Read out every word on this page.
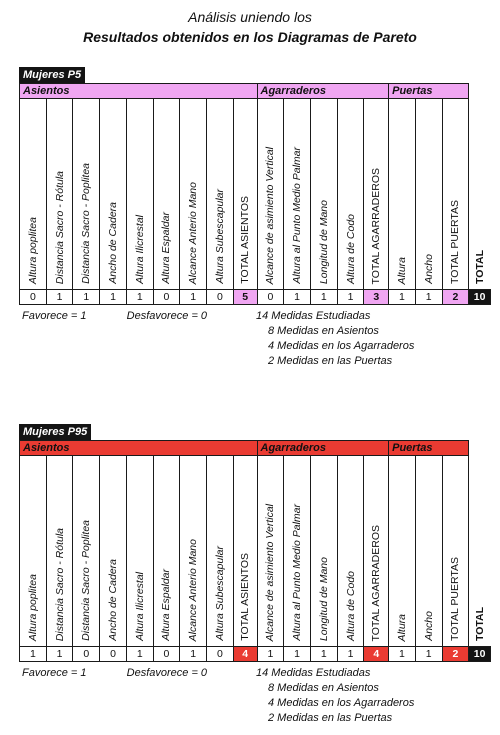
Análisis uniendo los
Resultados obtenidos en los Diagramas de Pareto
Mujeres P5
Asientos									Agarraderos					Puertas			
Altura poplitea	Distancia Sacro - Rótula	Distancia Sacro - Poplitea	Ancho de Cadera	Altura Ilicrestal	Altura Espaldar	Alcance Anterio Mano	Altura Subescapular	TOTAL ASIENTOS	Alcance de asimiento Vertical	Altura al Punto Medio Palmar	Longitud de Mano	Altura de Codo	TOTAL AGARRADEROS	Altura	Ancho	TOTAL PUERTAS	TOTAL
0	1	1	1	1	0	1	0	5	0	1	1	1	3	1	1	2	10
Favorece = 1	Desfavorece = 0	14 Medidas Estudiadas
8 Medidas en Asientos
4 Medidas en los Agarraderos
2 Medidas en las Puertas
Mujeres P95
Asientos									Agarraderos					Puertas			
Altura poplitea	Distancia Sacro - Rótula	Distancia Sacro - Poplitea	Ancho de Cadera	Altura Ilicrestal	Altura Espaldar	Alcance Anterio Mano	Altura Subescapular	TOTAL ASIENTOS	Alcance de asimiento Vertical	Altura al Punto Medio Palmar	Longitud de Mano	Altura de Codo	TOTAL AGARRADEROS	Altura	Ancho	TOTAL PUERTAS	TOTAL
1	1	0	0	1	0	1	0	4	1	1	1	1	4	1	1	2	10
Favorece = 1	Desfavorece = 0	14 Medidas Estudiadas
8 Medidas en Asientos
4 Medidas en los Agarraderos
2 Medidas en las Puertas
